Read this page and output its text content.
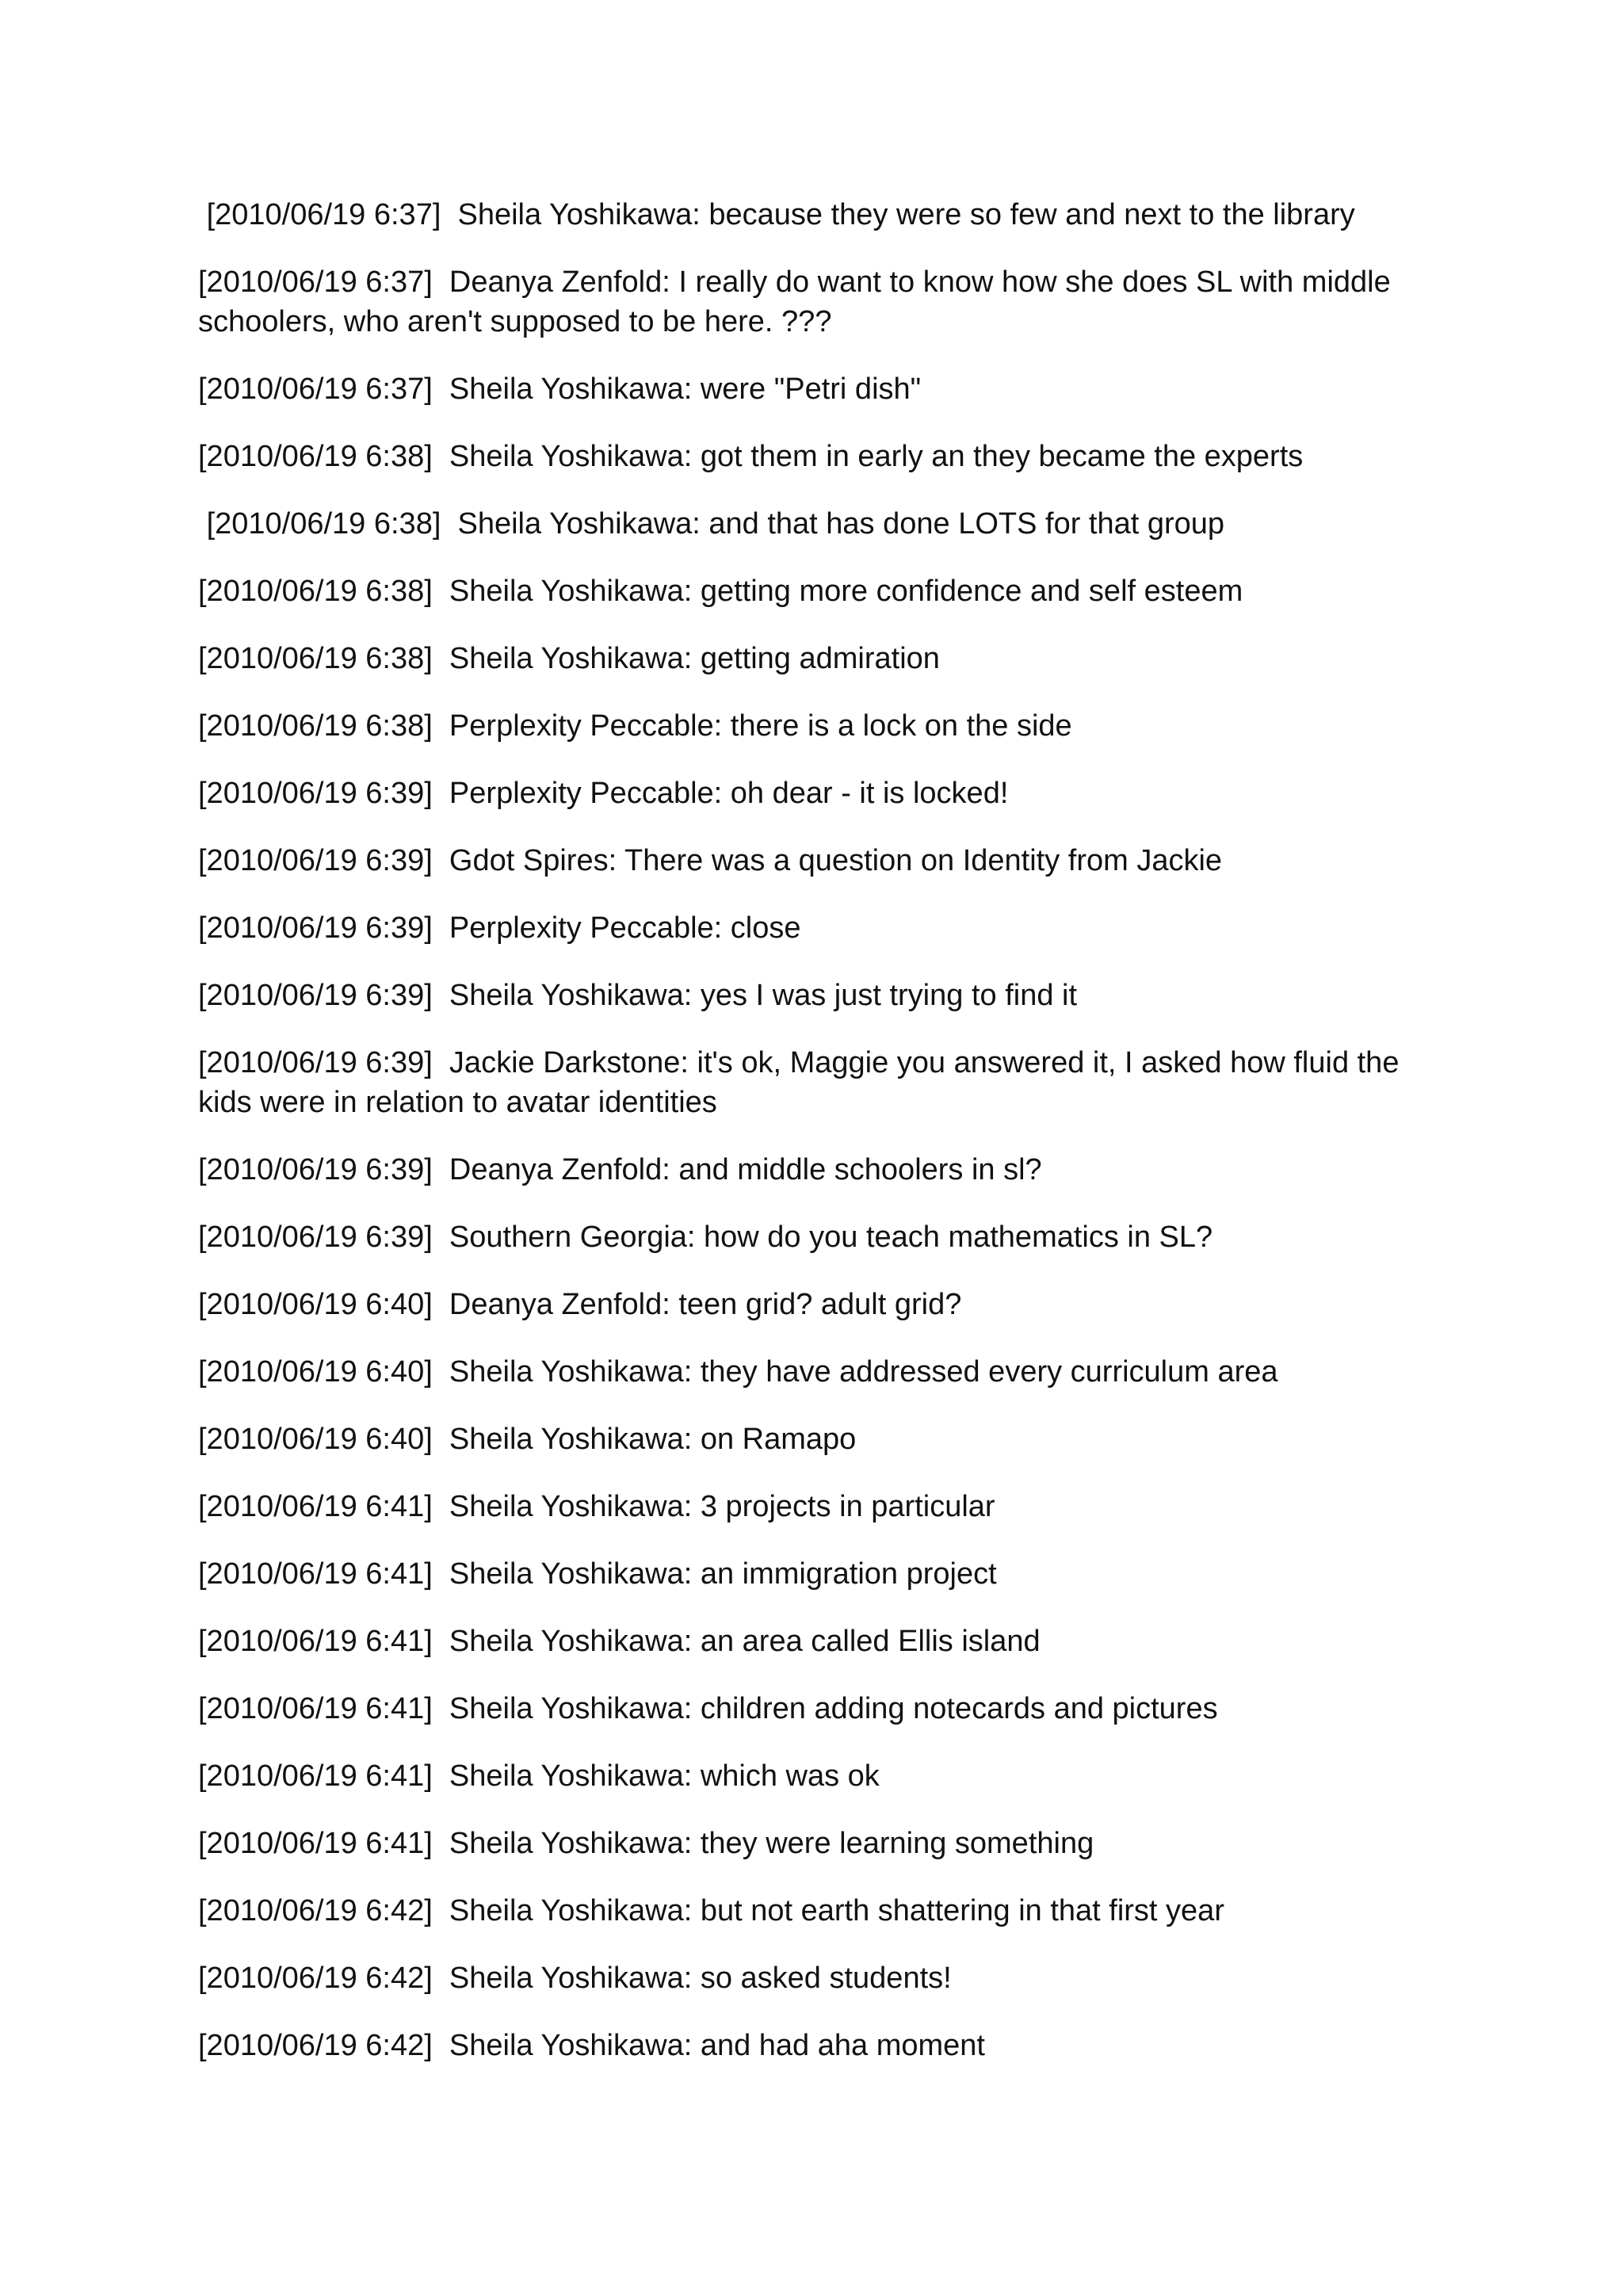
[2010/06/19 6:37]  Sheila Yoshikawa: because they were so few and next to the library

[2010/06/19 6:37]  Deanya Zenfold: I really do want to know how she does SL with middle schoolers, who aren't supposed to be here. ???

[2010/06/19 6:37]  Sheila Yoshikawa: were "Petri dish"

[2010/06/19 6:38]  Sheila Yoshikawa: got them in early an they became the experts

[2010/06/19 6:38]  Sheila Yoshikawa: and that has done LOTS for that group

[2010/06/19 6:38]  Sheila Yoshikawa: getting more confidence and self esteem

[2010/06/19 6:38]  Sheila Yoshikawa: getting admiration

[2010/06/19 6:38]  Perplexity Peccable: there is a lock on the side

[2010/06/19 6:39]  Perplexity Peccable: oh dear - it is locked!

[2010/06/19 6:39]  Gdot Spires: There was a question on Identity from Jackie

[2010/06/19 6:39]  Perplexity Peccable: close

[2010/06/19 6:39]  Sheila Yoshikawa: yes I was just trying to find it

[2010/06/19 6:39]  Jackie Darkstone: it's ok, Maggie you answered it, I asked how fluid the kids were in relation to avatar identities

[2010/06/19 6:39]  Deanya Zenfold: and middle schoolers in sl?

[2010/06/19 6:39]  Southern Georgia: how do you teach mathematics in SL?

[2010/06/19 6:40]  Deanya Zenfold: teen grid? adult grid?

[2010/06/19 6:40]  Sheila Yoshikawa: they have addressed every curriculum area

[2010/06/19 6:40]  Sheila Yoshikawa: on Ramapo

[2010/06/19 6:41]  Sheila Yoshikawa: 3 projects in particular

[2010/06/19 6:41]  Sheila Yoshikawa: an immigration project

[2010/06/19 6:41]  Sheila Yoshikawa: an area called Ellis island

[2010/06/19 6:41]  Sheila Yoshikawa: children adding notecards and pictures

[2010/06/19 6:41]  Sheila Yoshikawa: which was ok

[2010/06/19 6:41]  Sheila Yoshikawa: they were learning something

[2010/06/19 6:42]  Sheila Yoshikawa: but not earth shattering in that first year

[2010/06/19 6:42]  Sheila Yoshikawa: so asked students!

[2010/06/19 6:42]  Sheila Yoshikawa: and had aha moment
